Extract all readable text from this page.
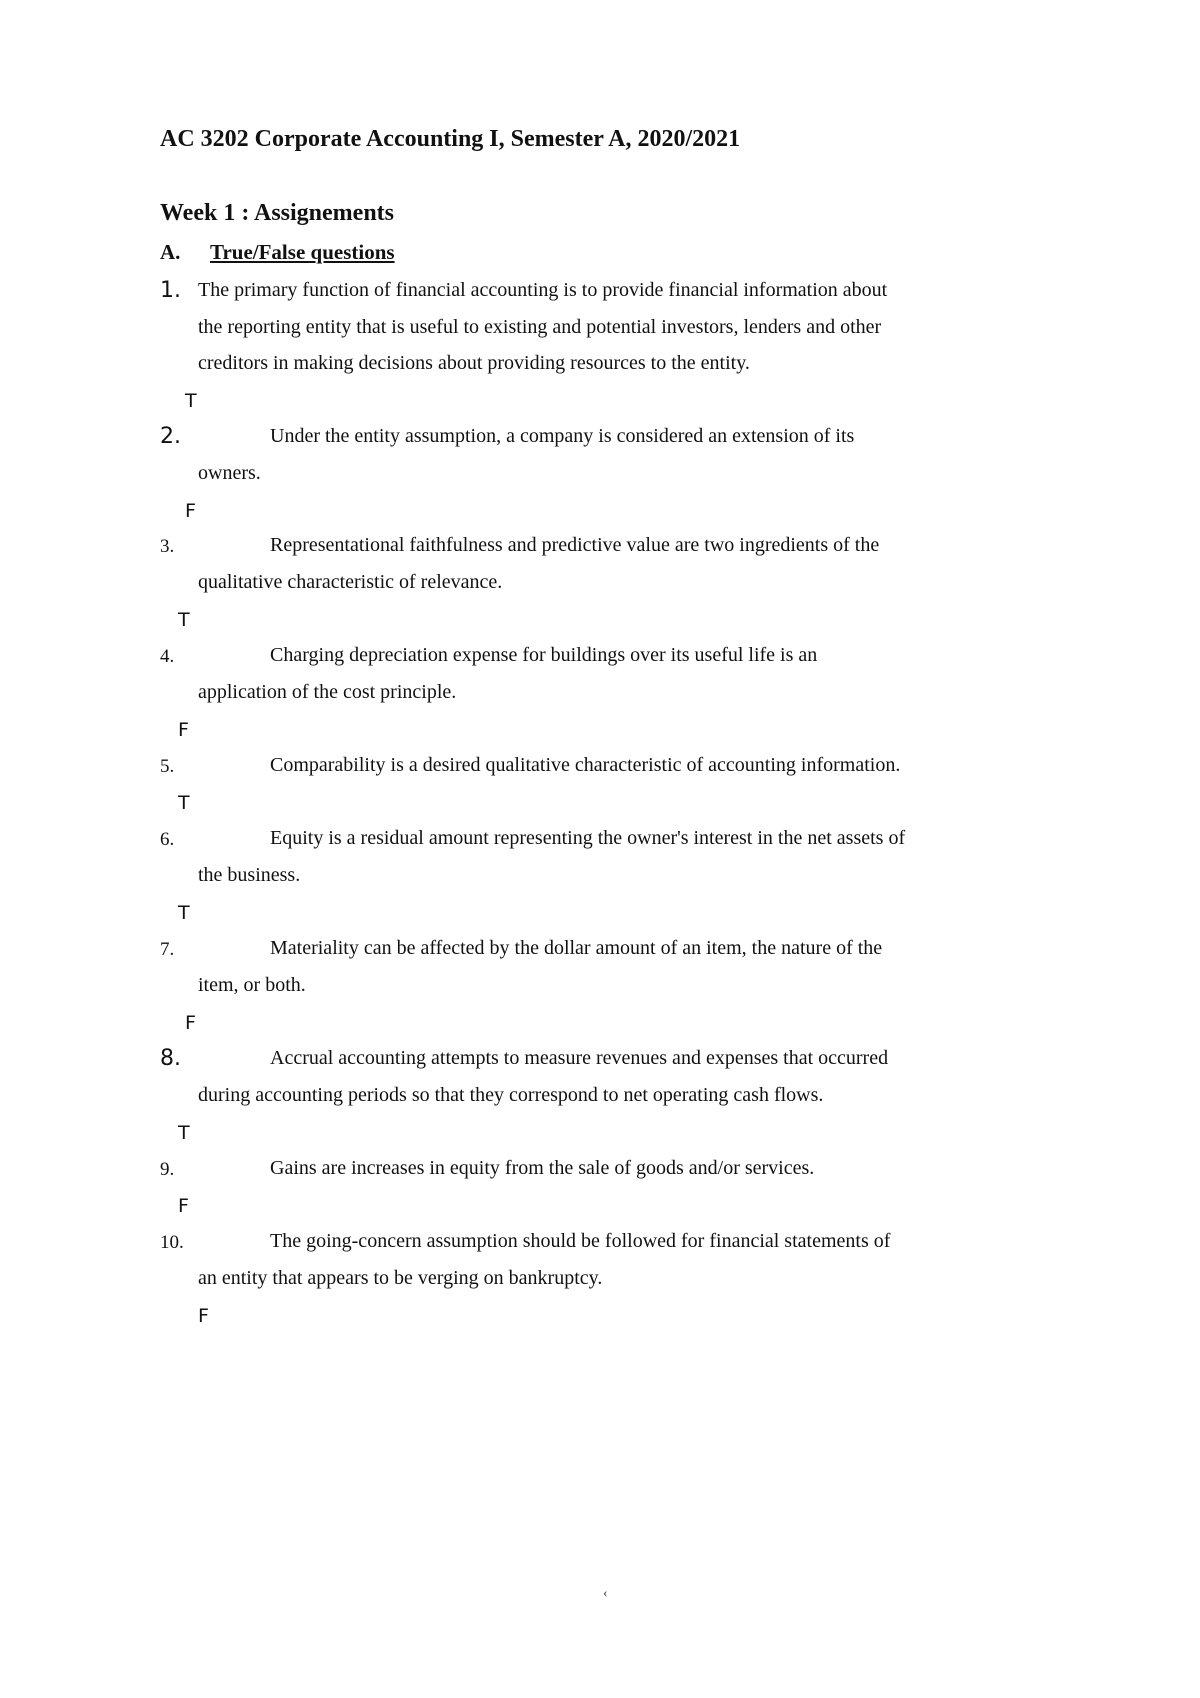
AC 3202 Corporate Accounting I, Semester A, 2020/2021
Week 1 : Assignements
A. True/False questions
1. The primary function of financial accounting is to provide financial information about
the reporting entity that is useful to existing and potential investors, lenders and other
creditors in making decisions about providing resources to the entity.
T
2.	Under the entity assumption, a company is considered an extension of its
owners.
F
3.	Representational faithfulness and predictive value are two ingredients of the
qualitative characteristic of relevance.
T
4.	Charging depreciation expense for buildings over its useful life is an
application of the cost principle.
F
5.	Comparability is a desired qualitative characteristic of accounting information.
T
6.	Equity is a residual amount representing the owner's interest in the net assets of
the business.
T
7.	Materiality can be affected by the dollar amount of an item, the nature of the
item, or both.
F
8.	Accrual accounting attempts to measure revenues and expenses that occurred
during accounting periods so that they correspond to net operating cash flows.
T
9.	Gains are increases in equity from the sale of goods and/or services.
F
10.	The going-concern assumption should be followed for financial statements of
an entity that appears to be verging on bankruptcy.
F
‹
